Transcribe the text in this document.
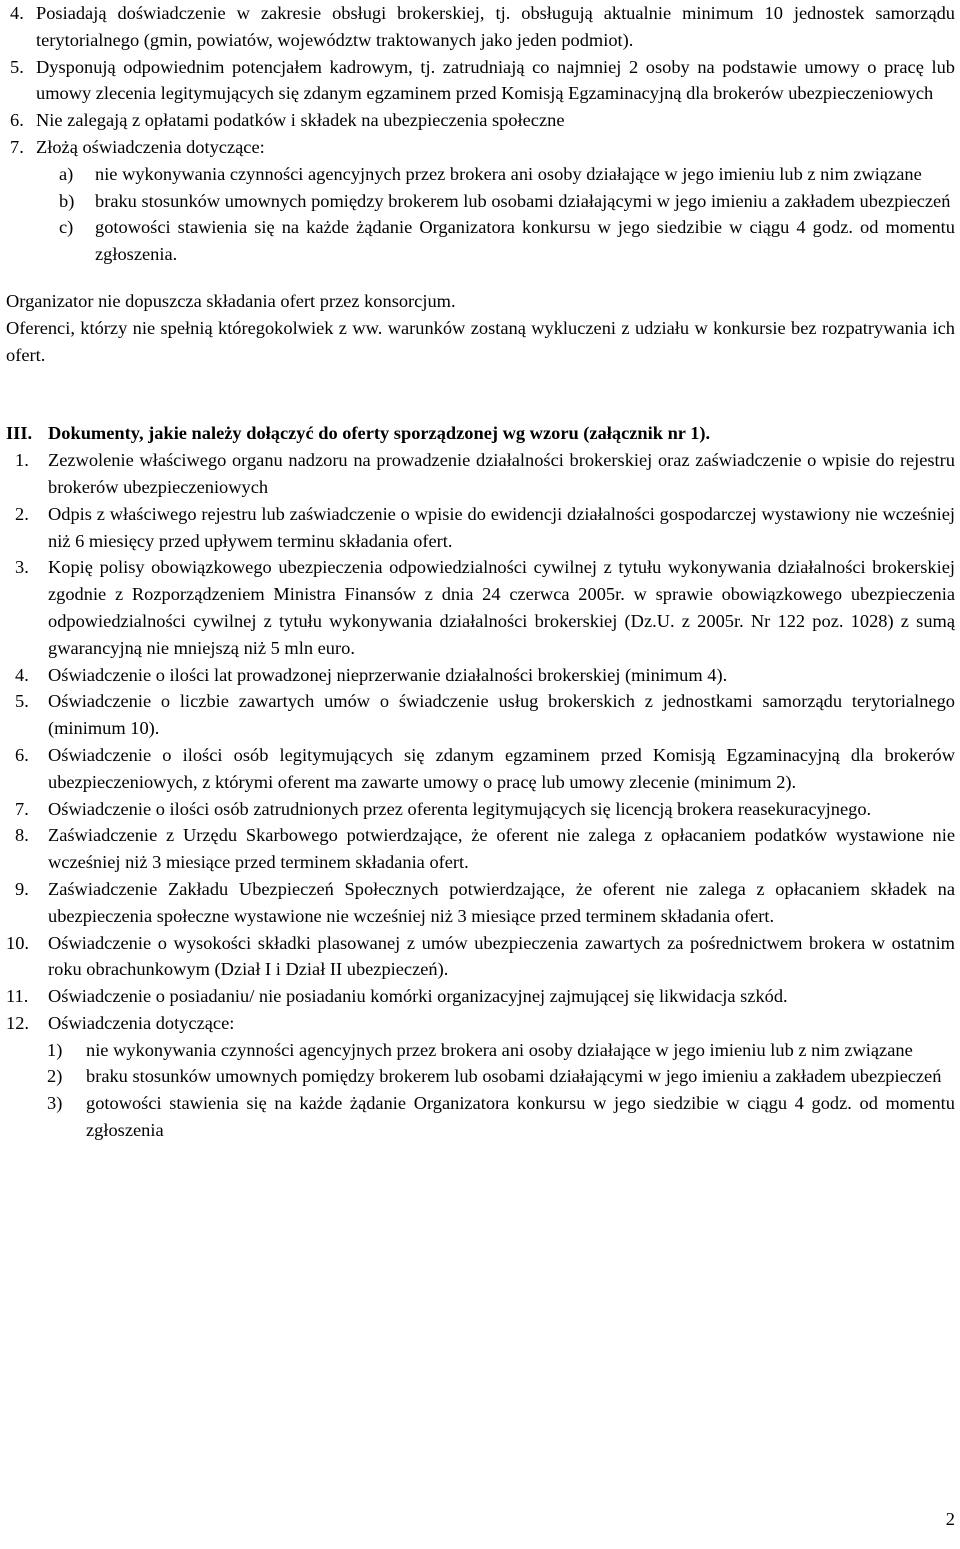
4. Posiadają doświadczenie w zakresie obsługi brokerskiej, tj. obsługują aktualnie minimum 10 jednostek samorządu terytorialnego (gmin, powiatów, województw traktowanych jako jeden podmiot).
5. Dysponują odpowiednim potencjałem kadrowym, tj. zatrudniają co najmniej 2 osoby na podstawie umowy o pracę lub umowy zlecenia legitymujących się zdanym egzaminem przed Komisją Egzaminacyjną dla brokerów ubezpieczeniowych
6. Nie zalegają z opłatami podatków i składek na ubezpieczenia społeczne
7. Złożą oświadczenia dotyczące:
a)	nie wykonywania czynności agencyjnych przez brokera ani osoby działające w jego imieniu lub z nim związane
b)	braku stosunków umownych pomiędzy brokerem lub osobami działającymi w jego imieniu a zakładem ubezpieczeń
c)	gotowości stawienia się na każde żądanie Organizatora konkursu w jego siedzibie w ciągu 4 godz. od momentu zgłoszenia.
Organizator nie dopuszcza składania ofert przez konsorcjum.
Oferenci, którzy nie spełnią któregokolwiek z ww. warunków zostaną wykluczeni z udziału w konkursie bez rozpatrywania ich ofert.
III. Dokumenty, jakie należy dołączyć do oferty sporządzonej wg wzoru (załącznik nr 1).
1.	Zezwolenie właściwego organu nadzoru na prowadzenie działalności brokerskiej oraz zaświadczenie o wpisie do rejestru brokerów ubezpieczeniowych
2.	Odpis z właściwego rejestru lub zaświadczenie o wpisie do ewidencji działalności gospodarczej wystawiony nie wcześniej niż 6 miesięcy przed upływem terminu składania ofert.
3.	Kopię polisy obowiązkowego ubezpieczenia odpowiedzialności cywilnej z tytułu wykonywania działalności brokerskiej zgodnie z Rozporządzeniem Ministra Finansów z dnia 24 czerwca 2005r. w sprawie obowiązkowego ubezpieczenia odpowiedzialności cywilnej z tytułu wykonywania działalności brokerskiej (Dz.U. z 2005r. Nr 122 poz. 1028) z sumą gwarancyjną nie mniejszą niż 5 mln euro.
4.	Oświadczenie o ilości lat prowadzonej nieprzerwanie działalności brokerskiej (minimum 4).
5.	Oświadczenie o liczbie zawartych umów o świadczenie usług brokerskich z jednostkami samorządu terytorialnego (minimum 10).
6.	Oświadczenie o ilości osób legitymujących się zdanym egzaminem przed Komisją Egzaminacyjną dla brokerów ubezpieczeniowych, z którymi oferent ma zawarte umowy o pracę lub umowy zlecenie (minimum 2).
7.	Oświadczenie o ilości osób zatrudnionych przez oferenta legitymujących się licencją brokera reasekuracyjnego.
8.	Zaświadczenie z Urzędu Skarbowego potwierdzające, że oferent nie zalega z opłacaniem podatków wystawione nie wcześniej niż 3 miesiące przed terminem składania ofert.
9.	Zaświadczenie Zakładu Ubezpieczeń Społecznych potwierdzające, że oferent nie zalega z opłacaniem składek na ubezpieczenia społeczne wystawione nie wcześniej niż 3 miesiące przed terminem składania ofert.
10.	Oświadczenie o wysokości składki plasowanej z umów ubezpieczenia zawartych za pośrednictwem brokera w ostatnim roku obrachunkowym (Dział I i Dział II ubezpieczeń).
11.	Oświadczenie o posiadaniu/ nie posiadaniu komórki organizacyjnej zajmującej się likwidacja szkód.
12.	Oświadczenia dotyczące:
1)	nie wykonywania czynności agencyjnych przez brokera ani osoby działające w jego imieniu lub z nim związane
2)	braku stosunków umownych pomiędzy brokerem lub osobami działającymi w jego imieniu a zakładem ubezpieczeń
3)	gotowości stawienia się na każde żądanie Organizatora konkursu w jego siedzibie w ciągu 4 godz. od momentu zgłoszenia
2
